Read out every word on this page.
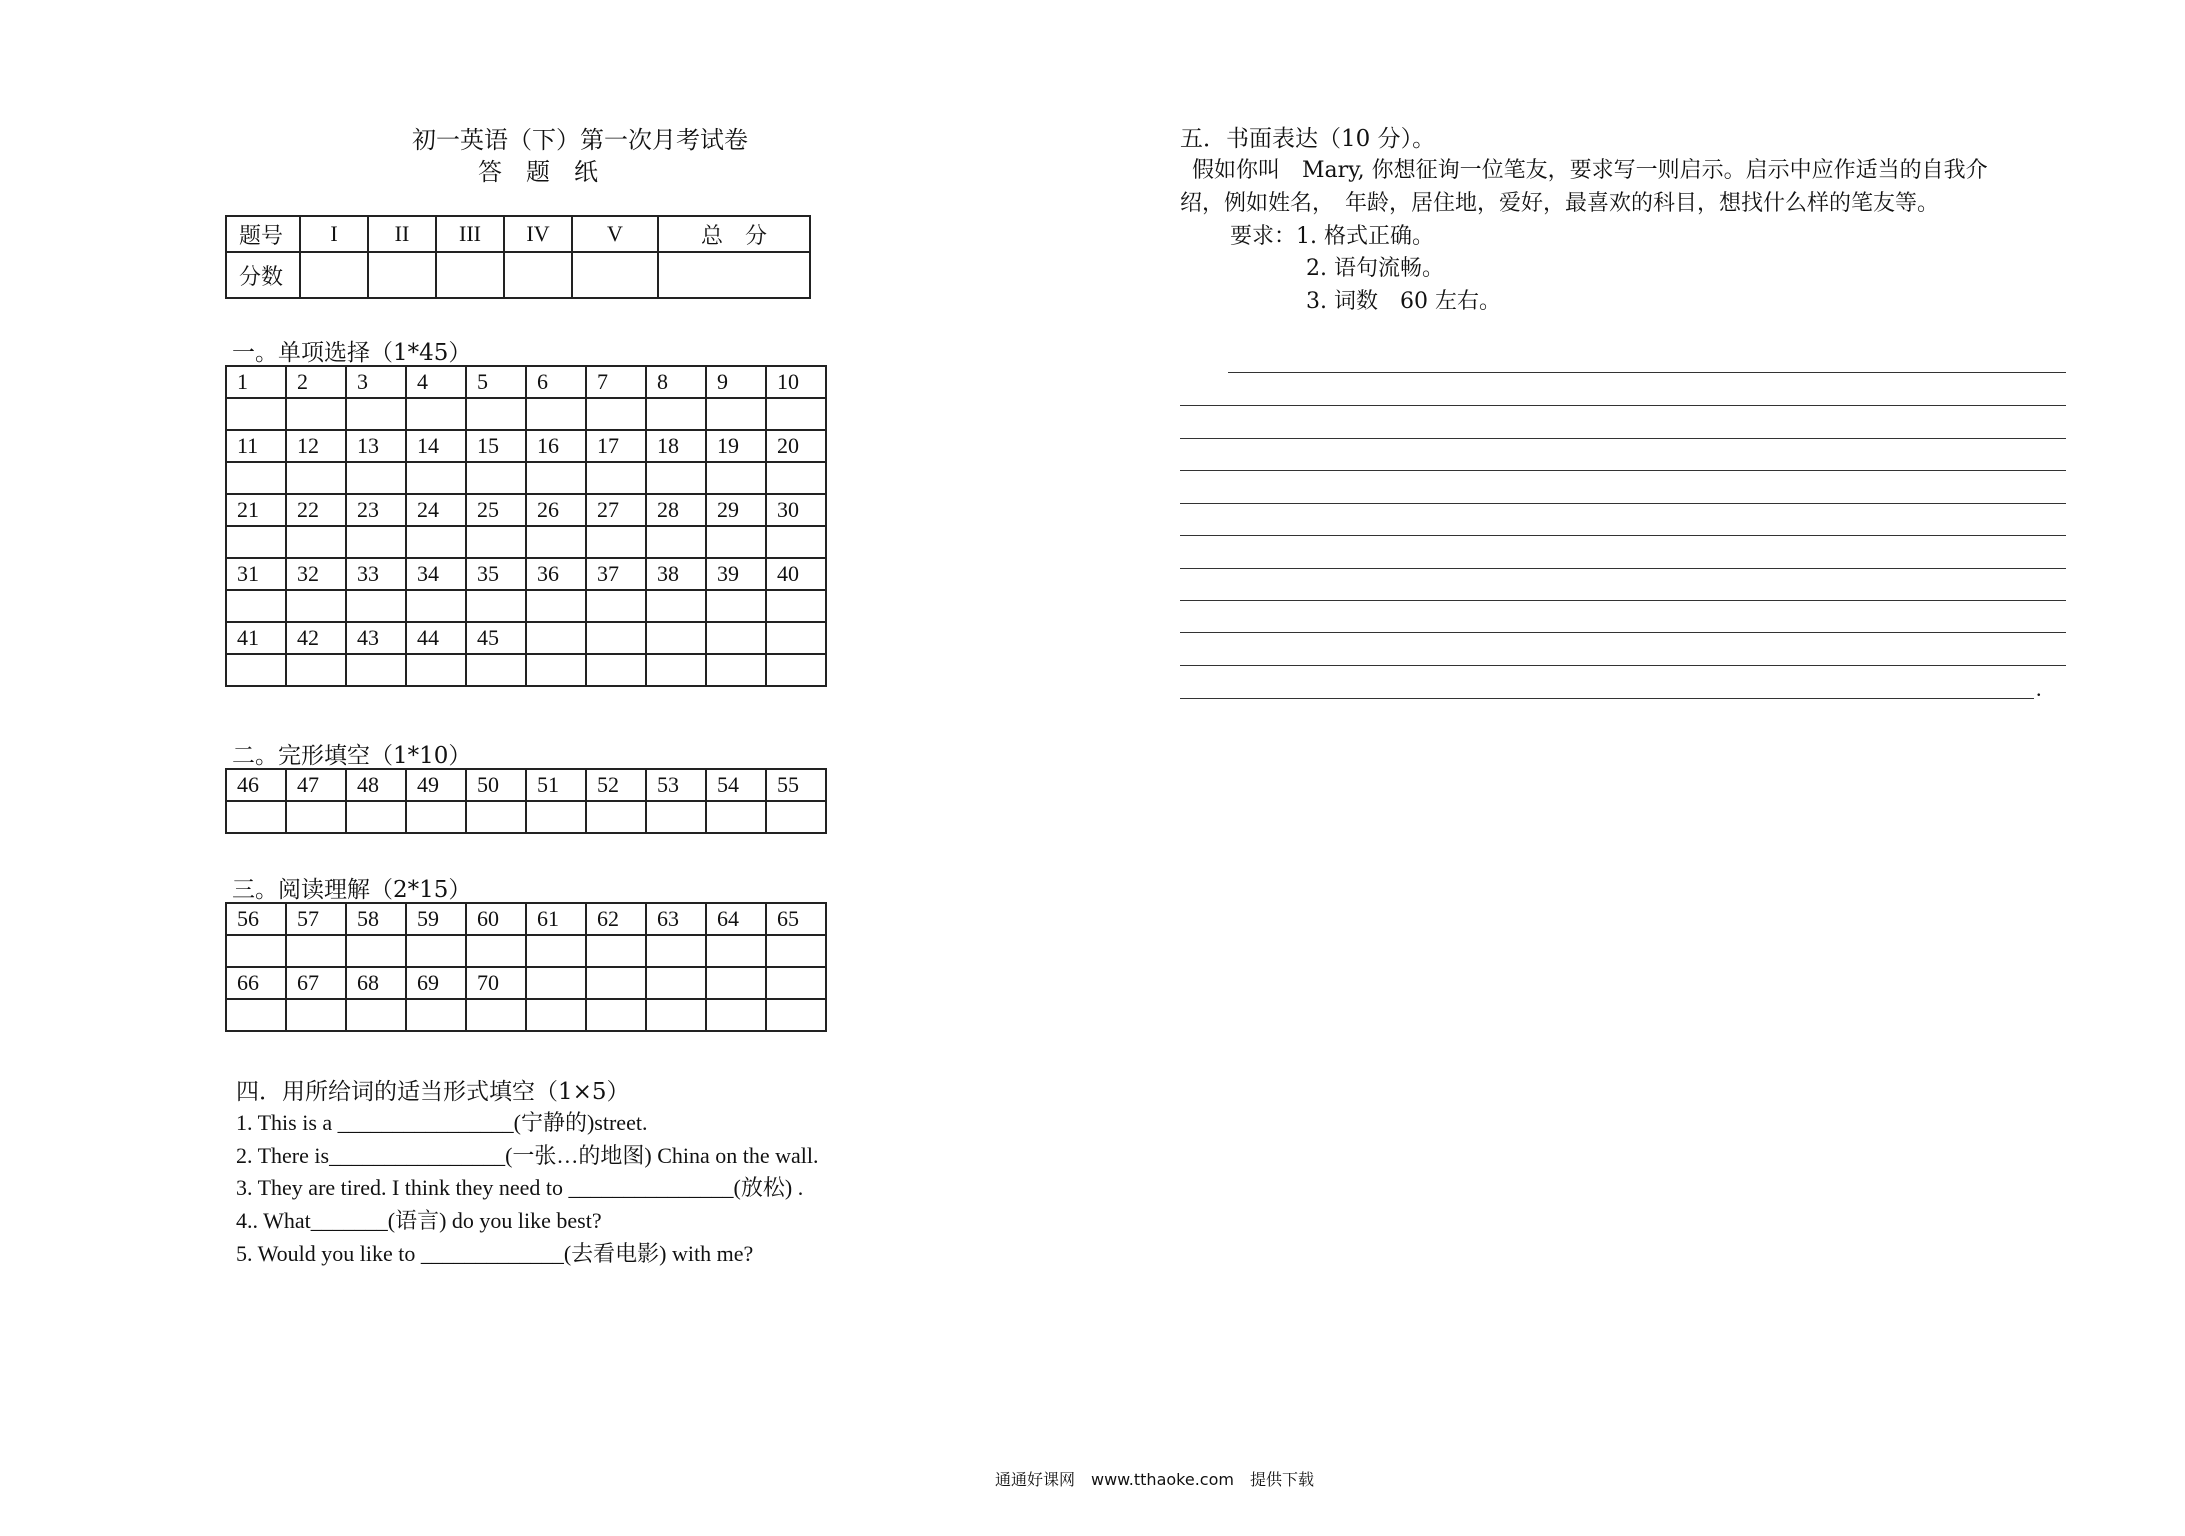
初一英语（下）第一次月考试卷
答　题　纸
题号	I	II	III	IV	V	总　分
分数						
一。单项选择（1*45）
1	2	3	4	5	6	7	8	9	10

11	12	13	14	15	16	17	18	19	20

21	22	23	24	25	26	27	28	29	30

31	32	33	34	35	36	37	38	39	40

41	42	43	44	45					

二。完形填空（1*10）
46	47	48	49	50	51	52	53	54	55

三。阅读理解（2*15）
56	57	58	59	60	61	62	63	64	65

66	67	68	69	70					

四．用所给词的适当形式填空（1×5）
1. This is a ________________(宁静的)street.
2. There is________________(一张…的地图) China on the wall.
3. They are tired. I think they need to _______________(放松) .
4.. What_______(语言) do you like best?
5. Would you like to _____________(去看电影) with me?
五．书面表达（10 分）。
假如你叫　Mary, 你想征询一位笔友，要求写一则启示。启示中应作适当的自我介
绍，例如姓名，　年龄，居住地，爱好，最喜欢的科目，想找什么样的笔友等。
要求：1. 格式正确。
2. 语句流畅。
3. 词数　60 左右。
.
通通好课网　www.tthaoke.com　提供下载
